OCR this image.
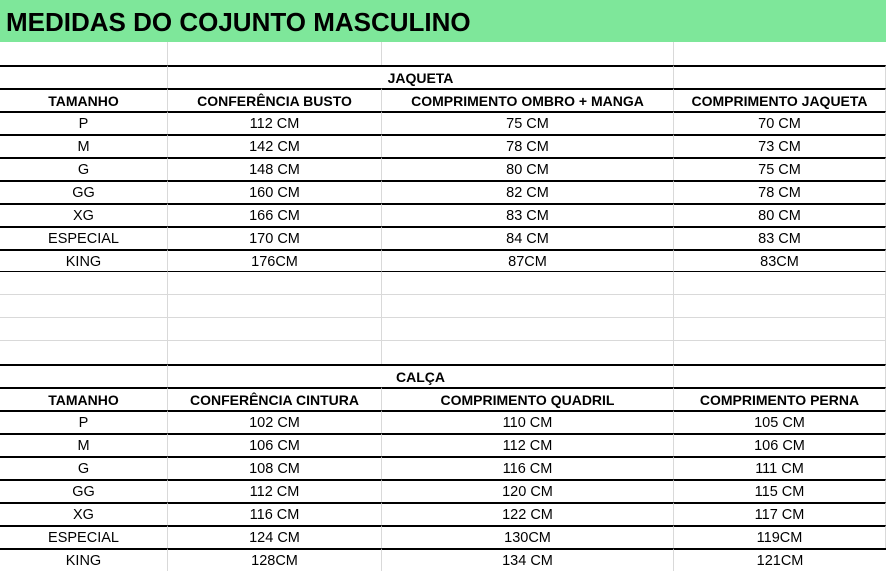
MEDIDAS DO COJUNTO MASCULINO
JAQUETA
TAMANHO	CONFERÊNCIA BUSTO	COMPRIMENTO OMBRO + MANGA	COMPRIMENTO JAQUETA
P	112 CM	75 CM	70 CM
M	142 CM	78 CM	73 CM
G	148 CM	80 CM	75 CM
GG	160 CM	82 CM	78 CM
XG	166 CM	83 CM	80 CM
ESPECIAL	170 CM	84 CM	83 CM
KING	176CM	87CM	83CM
CALÇA
TAMANHO	CONFERÊNCIA CINTURA	COMPRIMENTO QUADRIL	COMPRIMENTO PERNA
P	102 CM	110 CM	105 CM
M	106 CM	112 CM	106 CM
G	108 CM	116 CM	111 CM
GG	112 CM	120 CM	115 CM
XG	116 CM	122 CM	117 CM
ESPECIAL	124 CM	130CM	119CM
KING	128CM	134 CM	121CM
